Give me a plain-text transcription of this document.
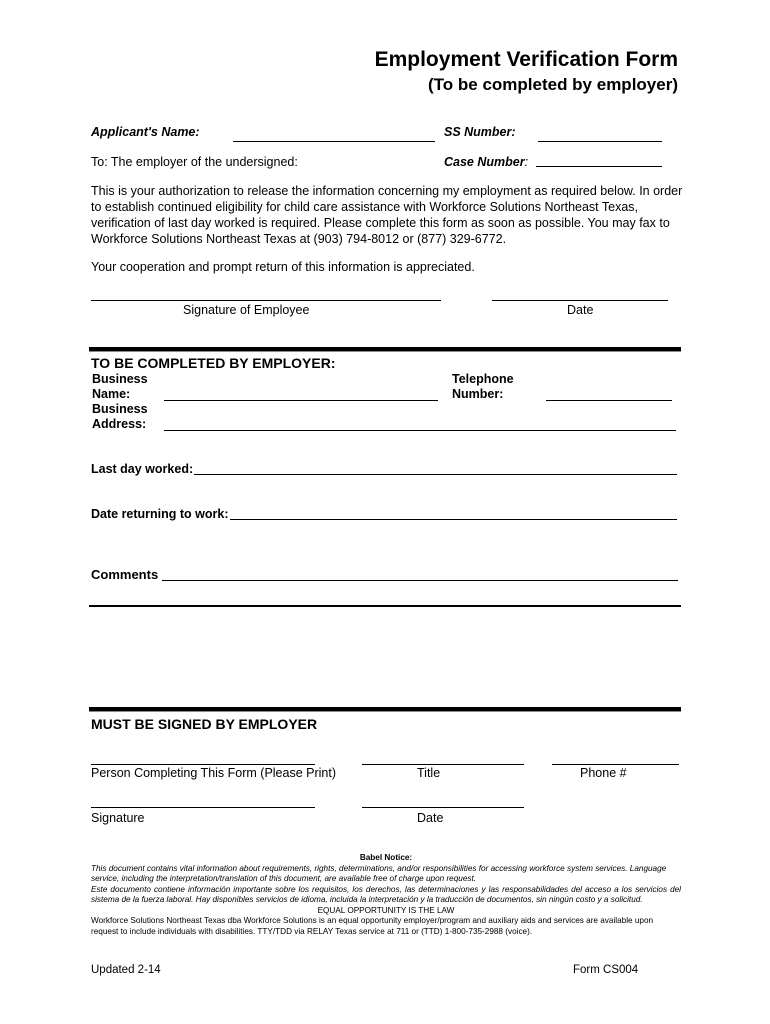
Employment Verification Form
(To be completed by employer)
Applicant's Name:	SS Number:
To: The employer of the undersigned:	Case Number:
This is your authorization to release the information concerning my employment as required below. In order to establish continued eligibility for child care assistance with Workforce Solutions Northeast Texas, verification of last day worked is required. Please complete this form as soon as possible. You may fax to Workforce Solutions Northeast Texas at (903) 794-8012 or (877) 329-6772.
Your cooperation and prompt return of this information is appreciated.
Signature of Employee	Date
TO BE COMPLETED BY EMPLOYER:
Business
Name:
Telephone
Number:
Business
Address:
Last day worked:
Date returning to work:
Comments
MUST BE SIGNED BY EMPLOYER
Person Completing This Form (Please Print)	Title	Phone #
Signature	Date
Babel Notice:
This document contains vital information about requirements, rights, determinations, and/or responsibilities for accessing workforce system services. Language service, including the interpretation/translation of this document, are available free of charge upon request.
Este documento contiene información importante sobre los requisitos, los derechos, las determinaciones y las responsabilidades del acceso a los servicios del sistema de la fuerza laboral. Hay disponibles servicios de idioma, incluida la interpretación y la traducción de documentos, sin ningún costo y a solicitud.
EQUAL OPPORTUNITY IS THE LAW
Workforce Solutions Northeast Texas dba Workforce Solutions is an equal opportunity employer/program and auxiliary aids and services are available upon request to include individuals with disabilities. TTY/TDD via RELAY Texas service at 711 or (TTD) 1-800-735-2988 (voice).
Updated 2-14	Form CS004
